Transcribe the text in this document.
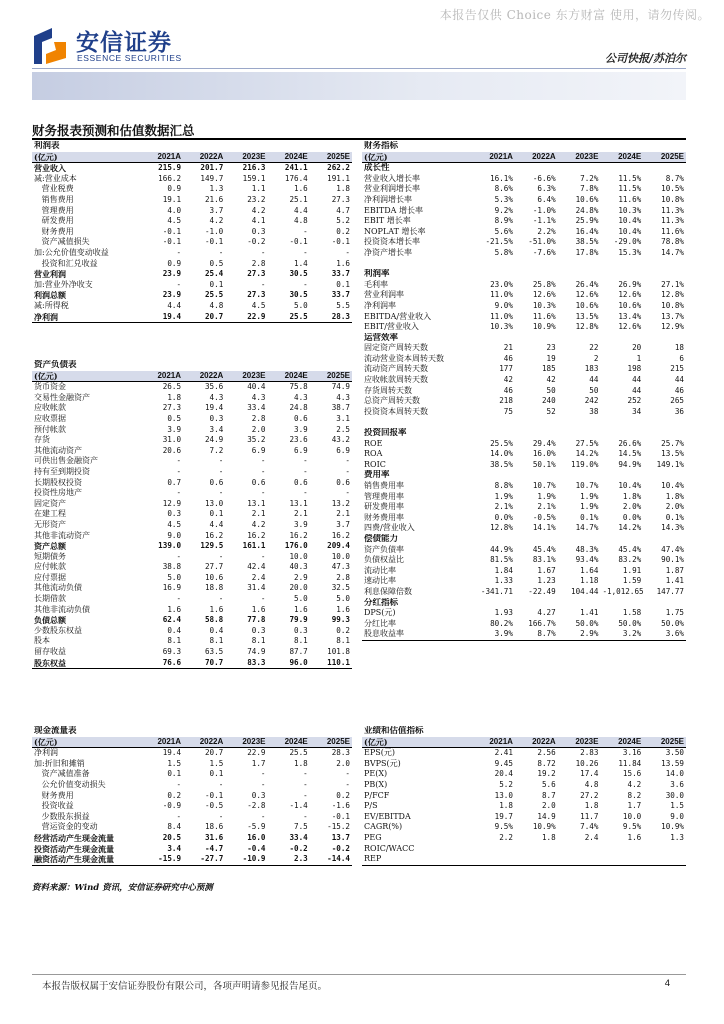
本报告仅供 Choice 东方财富 使用，请勿传阅。
安信证券
ESSENCE SECURITIES	公司快报/苏泊尔
财务报表预测和估值数据汇总
利润表					
(亿元)	2021A	2022A	2023E	2024E	2025E
营业收入	215.9	201.7	216.3	241.1	262.2
减:营业成本	166.2	149.7	159.1	176.4	191.1
营业税费	0.9	1.3	1.1	1.6	1.8
销售费用	19.1	21.6	23.2	25.1	27.3
管理费用	4.0	3.7	4.2	4.4	4.7
研发费用	4.5	4.2	4.1	4.8	5.2
财务费用	-0.1	-1.0	0.3	-	0.2
资产减值损失	-0.1	-0.1	-0.2	-0.1	-0.1
加:公允价值变动收益	-	-	-	-	-
投资和汇兑收益	0.9	0.5	2.8	1.4	1.6
营业利润	23.9	25.4	27.3	30.5	33.7
加:营业外净收支	-	0.1	-	-	0.1
利润总额	23.9	25.5	27.3	30.5	33.7
减:所得税	4.4	4.8	4.5	5.0	5.5
净利润	19.4	20.7	22.9	25.5	28.3
资产负债表					
(亿元)	2021A	2022A	2023E	2024E	2025E
货币资金	26.5	35.6	40.4	75.8	74.9
交易性金融资产	1.8	4.3	4.3	4.3	4.3
应收帐款	27.3	19.4	33.4	24.8	38.7
应收票据	0.5	0.3	2.8	0.6	3.1
预付帐款	3.9	3.4	2.0	3.9	2.5
存货	31.0	24.9	35.2	23.6	43.2
其他流动资产	20.6	7.2	6.9	6.9	6.9
可供出售金融资产	-	-	-	-	-
持有至到期投资	-	-	-	-	-
长期股权投资	0.7	0.6	0.6	0.6	0.6
投资性房地产	-	-	-	-	-
固定资产	12.9	13.0	13.1	13.1	13.2
在建工程	0.3	0.1	2.1	2.1	2.1
无形资产	4.5	4.4	4.2	3.9	3.7
其他非流动资产	9.0	16.2	16.2	16.2	16.2
资产总额	139.0	129.5	161.1	176.0	209.4
短期债务	-	-	-	10.0	10.0
应付帐款	38.8	27.7	42.4	40.3	47.3
应付票据	5.0	10.6	2.4	2.9	2.8
其他流动负债	16.9	18.8	31.4	20.0	32.5
长期借款	-	-	-	5.0	5.0
其他非流动负债	1.6	1.6	1.6	1.6	1.6
负债总额	62.4	58.8	77.8	79.9	99.3
少数股东权益	0.4	0.4	0.3	0.3	0.2
股本	8.1	8.1	8.1	8.1	8.1
留存收益	69.3	63.5	74.9	87.7	101.8
股东权益	76.6	70.7	83.3	96.0	110.1
现金流量表					
(亿元)	2021A	2022A	2023E	2024E	2025E
净利润	19.4	20.7	22.9	25.5	28.3
加:折旧和摊销	1.5	1.5	1.7	1.8	2.0
资产减值准备	0.1	0.1	-	-	-
公允价值变动损失	-	-	-	-	-
财务费用	0.2	-0.1	0.3	-	0.2
投资收益	-0.9	-0.5	-2.8	-1.4	-1.6
少数股东损益	-	-	-	-	-0.1
营运资金的变动	8.4	18.6	-5.9	7.5	-15.2
经营活动产生现金流量	20.5	31.6	16.0	33.4	13.7
投资活动产生现金流量	3.4	-4.7	-0.4	-0.2	-0.2
融资活动产生现金流量	-15.9	-27.7	-10.9	2.3	-14.4
财务指标					
(亿元)	2021A	2022A	2023E	2024E	2025E
成长性					
营业收入增长率	16.1%	-6.6%	7.2%	11.5%	8.7%
营业利润增长率	8.6%	6.3%	7.8%	11.5%	10.5%
净利润增长率	5.3%	6.4%	10.6%	11.6%	10.8%
EBITDA 增长率	9.2%	-1.0%	24.8%	10.3%	11.3%
EBIT 增长率	8.9%	-1.1%	25.9%	10.4%	11.3%
NOPLAT 增长率	5.6%	2.2%	16.4%	10.4%	11.6%
投资资本增长率	-21.5%	-51.0%	38.5%	-29.0%	78.8%
净资产增长率	5.8%	-7.6%	17.8%	15.3%	14.7%

利润率					
毛利率	23.0%	25.8%	26.4%	26.9%	27.1%
营业利润率	11.0%	12.6%	12.6%	12.6%	12.8%
净利润率	9.0%	10.3%	10.6%	10.6%	10.8%
EBITDA/营业收入	11.0%	11.6%	13.5%	13.4%	13.7%
EBIT/营业收入	10.3%	10.9%	12.8%	12.6%	12.9%
运营效率					
固定资产周转天数	21	23	22	20	18
流动营业资本周转天数	46	19	2	1	6
流动资产周转天数	177	185	183	198	215
应收帐款周转天数	42	42	44	44	44
存货周转天数	46	50	50	44	46
总资产周转天数	218	240	242	252	265
投资资本周转天数	75	52	38	34	36

投资回报率					
ROE	25.5%	29.4%	27.5%	26.6%	25.7%
ROA	14.0%	16.0%	14.2%	14.5%	13.5%
ROIC	38.5%	50.1%	119.0%	94.9%	149.1%
费用率					
销售费用率	8.8%	10.7%	10.7%	10.4%	10.4%
管理费用率	1.9%	1.9%	1.9%	1.8%	1.8%
研发费用率	2.1%	2.1%	1.9%	2.0%	2.0%
财务费用率	0.0%	-0.5%	0.1%	0.0%	0.1%
四费/营业收入	12.8%	14.1%	14.7%	14.2%	14.3%
偿债能力					
资产负债率	44.9%	45.4%	48.3%	45.4%	47.4%
负债权益比	81.5%	83.1%	93.4%	83.2%	90.1%
流动比率	1.84	1.67	1.64	1.91	1.87
速动比率	1.33	1.23	1.18	1.59	1.41
利息保障倍数	-341.71	-22.49	104.44	-1,012.65	147.77
分红指标					
DPS(元)	1.93	4.27	1.41	1.58	1.75
分红比率	80.2%	166.7%	50.0%	50.0%	50.0%
股息收益率	3.9%	8.7%	2.9%	3.2%	3.6%
业绩和估值指标					
(亿元)	2021A	2022A	2023E	2024E	2025E
EPS(元)	2.41	2.56	2.83	3.16	3.50
BVPS(元)	9.45	8.72	10.26	11.84	13.59
PE(X)	20.4	19.2	17.4	15.6	14.0
PB(X)	5.2	5.6	4.8	4.2	3.6
P/FCF	13.0	8.7	27.2	8.2	30.0
P/S	1.8	2.0	1.8	1.7	1.5
EV/EBITDA	19.7	14.9	11.7	10.0	9.0
CAGR(%)	9.5%	10.9%	7.4%	9.5%	10.9%
PEG	2.2	1.8	2.4	1.6	1.3
ROIC/WACC					
REP					
资料来源：Wind 资讯，安信证券研究中心预测
本报告版权属于安信证券股份有限公司，各项声明请参见报告尾页。	4
